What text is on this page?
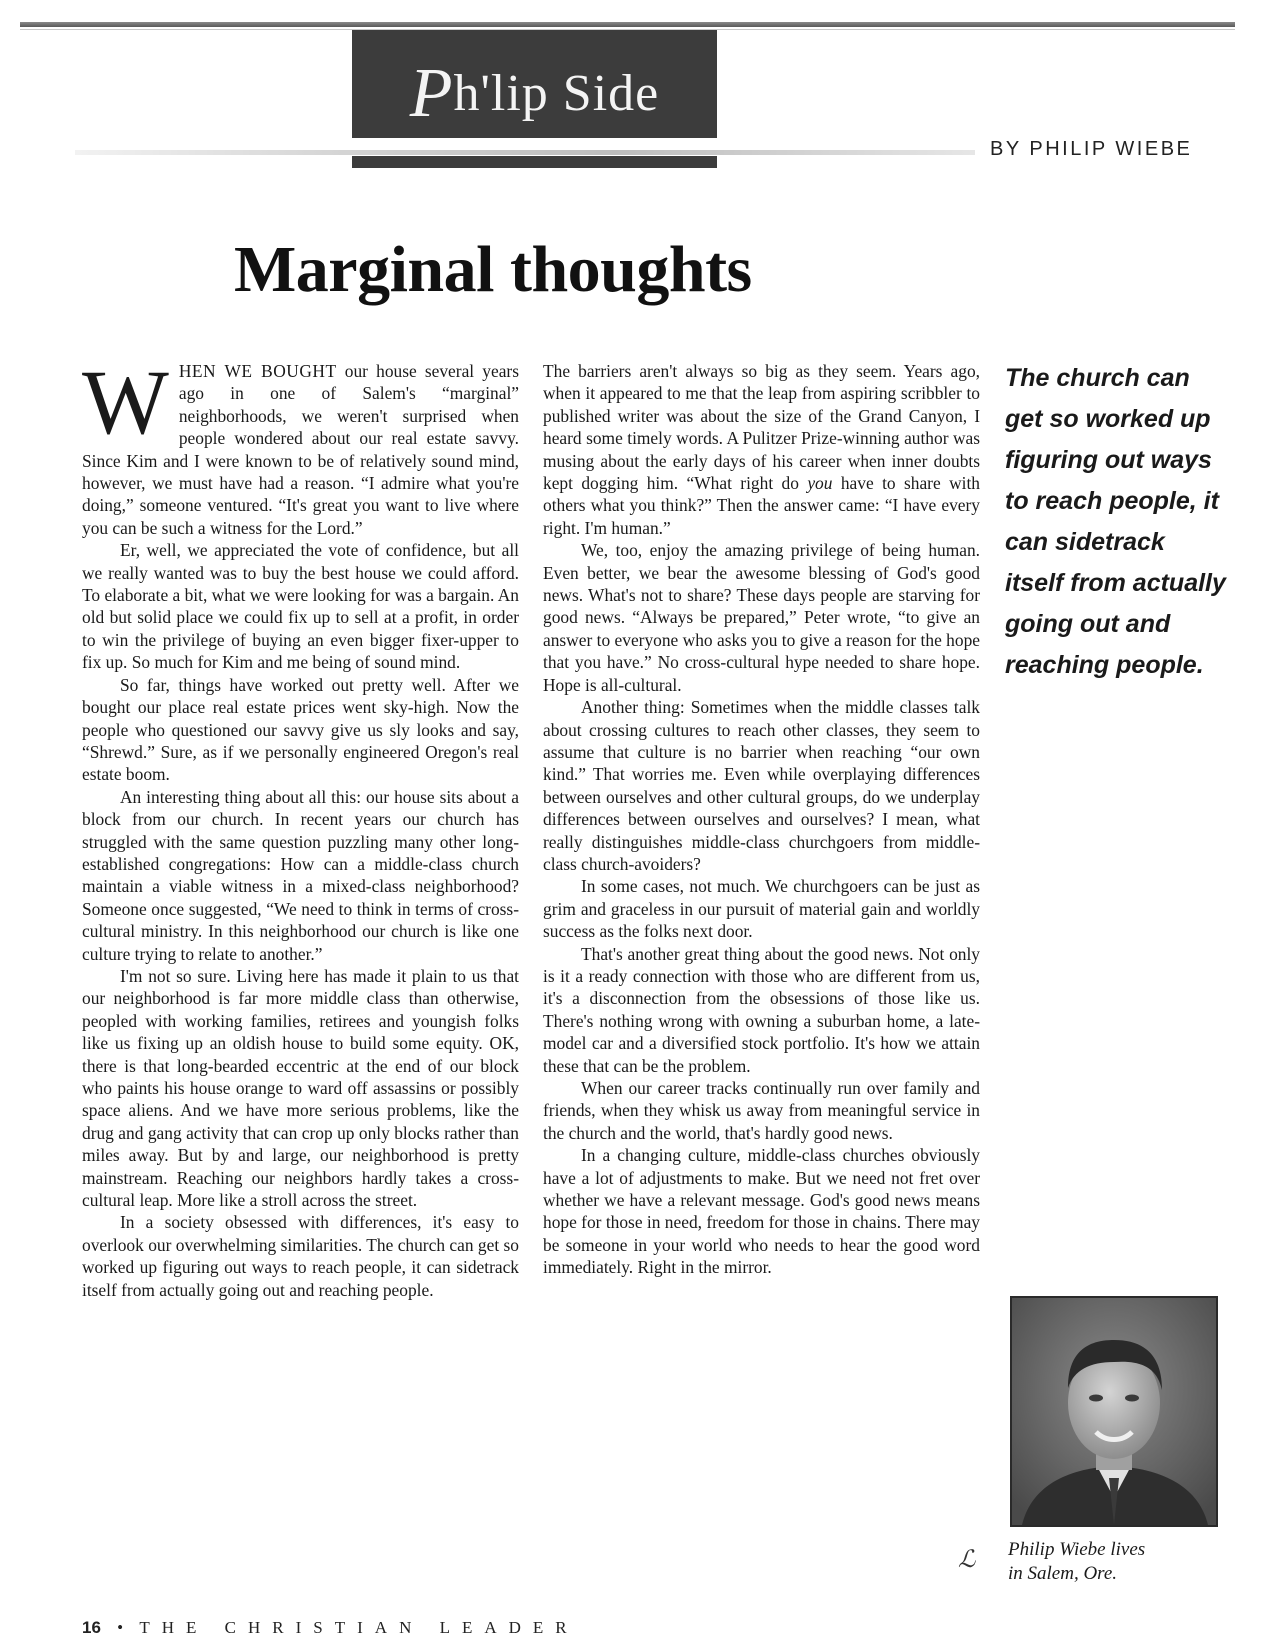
Ph'lip Side
BY PHILIP WIEBE
Marginal thoughts

WHEN WE BOUGHT our house several years ago in one of Salem's “marginal” neighborhoods, we weren't surprised when people wondered about our real estate savvy. Since Kim and I were known to be of relatively sound mind, however, we must have had a reason. “I admire what you're doing,” someone ventured. “It's great you want to live where you can be such a witness for the Lord.”

Er, well, we appreciated the vote of confidence, but all we really wanted was to buy the best house we could afford. To elaborate a bit, what we were looking for was a bargain. An old but solid place we could fix up to sell at a profit, in order to win the privilege of buying an even bigger fixer-upper to fix up. So much for Kim and me being of sound mind.

So far, things have worked out pretty well. After we bought our place real estate prices went sky-high. Now the people who questioned our savvy give us sly looks and say, “Shrewd.” Sure, as if we personally engineered Oregon's real estate boom.

An interesting thing about all this: our house sits about a block from our church. In recent years our church has struggled with the same question puzzling many other long-established congregations: How can a middle-class church maintain a viable witness in a mixed-class neighborhood? Someone once suggested, “We need to think in terms of cross-cultural ministry. In this neighborhood our church is like one culture trying to relate to another.”

I'm not so sure. Living here has made it plain to us that our neighborhood is far more middle class than otherwise, peopled with working families, retirees and youngish folks like us fixing up an oldish house to build some equity. OK, there is that long-bearded eccentric at the end of our block who paints his house orange to ward off assassins or possibly space aliens. And we have more serious problems, like the drug and gang activity that can crop up only blocks rather than miles away. But by and large, our neighborhood is pretty mainstream. Reaching our neighbors hardly takes a cross-cultural leap. More like a stroll across the street.

In a society obsessed with differences, it's easy to overlook our overwhelming similarities. The church can get so worked up figuring out ways to reach people, it can sidetrack itself from actually going out and reaching people.

The barriers aren't always so big as they seem. Years ago, when it appeared to me that the leap from aspiring scribbler to published writer was about the size of the Grand Canyon, I heard some timely words. A Pulitzer Prize-winning author was musing about the early days of his career when inner doubts kept dogging him. “What right do you have to share with others what you think?” Then the answer came: “I have every right. I'm human.”

We, too, enjoy the amazing privilege of being human. Even better, we bear the awesome blessing of God's good news. What's not to share? These days people are starving for good news. “Always be prepared,” Peter wrote, “to give an answer to everyone who asks you to give a reason for the hope that you have.” No cross-cultural hype needed to share hope. Hope is all-cultural.

Another thing: Sometimes when the middle classes talk about crossing cultures to reach other classes, they seem to assume that culture is no barrier when reaching “our own kind.” That worries me. Even while overplaying differences between ourselves and other cultural groups, do we underplay differences between ourselves and ourselves? I mean, what really distinguishes middle-class churchgoers from middle-class church-avoiders?

In some cases, not much. We churchgoers can be just as grim and graceless in our pursuit of material gain and worldly success as the folks next door.

That's another great thing about the good news. Not only is it a ready connection with those who are different from us, it's a disconnection from the obsessions of those like us. There's nothing wrong with owning a suburban home, a late-model car and a diversified stock portfolio. It's how we attain these that can be the problem.

When our career tracks continually run over family and friends, when they whisk us away from meaningful service in the church and the world, that's hardly good news.

In a changing culture, middle-class churches obviously have a lot of adjustments to make. But we need not fret over whether we have a relevant message. God's good news means hope for those in need, freedom for those in chains. There may be someone in your world who needs to hear the good word immediately. Right in the mirror.

ℒ
The church can get so worked up figuring out ways to reach people, it can sidetrack itself from actually going out and reaching people.
Philip Wiebe lives
in Salem, Ore.
16 • THE CHRISTIAN LEADER
